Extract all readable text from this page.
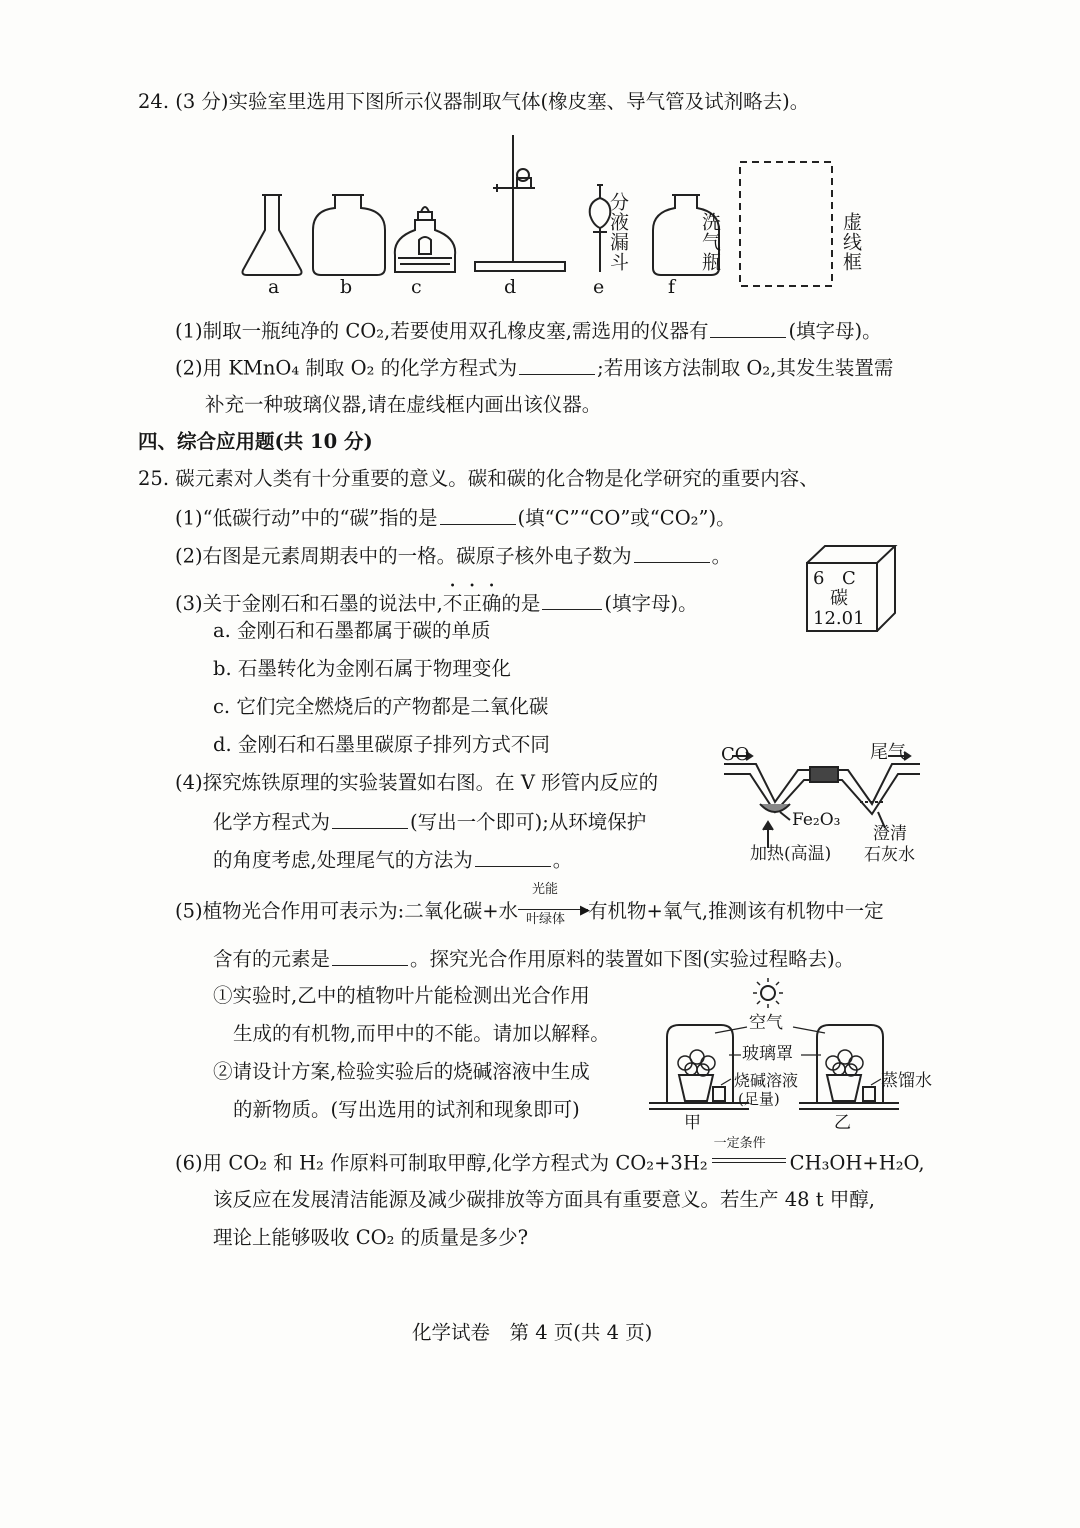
24. (3 分)实验室里选用下图所示仪器制取气体(橡皮塞、导气管及试剂略去)。
a	b	c	d	e	f
分液漏斗	洗气瓶	虚线框
(1)制取一瓶纯净的 CO₂,若要使用双孔橡皮塞,需选用的仪器有	(填字母)。
(2)用 KMnO₄ 制取 O₂ 的化学方程式为	;若用该方法制取 O₂,其发生装置需
补充一种玻璃仪器,请在虚线框内画出该仪器。
四、综合应用题(共 10 分)
25. 碳元素对人类有十分重要的意义。碳和碳的化合物是化学研究的重要内容、
(1)“低碳行动”中的“碳”指的是	(填“C”“CO”或“CO₂”)。
(2)右图是元素周期表中的一格。碳原子核外电子数为	。
(3)关于金刚石和石墨的说法中,不正确的是	(填字母)。
6 C
碳
12.01
a. 金刚石和石墨都属于碳的单质
b. 石墨转化为金刚石属于物理变化
c. 它们完全燃烧后的产物都是二氧化碳
d. 金刚石和石墨里碳原子排列方式不同
(4)探究炼铁原理的实验装置如右图。在 V 形管内反应的
化学方程式为	(写出一个即可);从环境保护
的角度考虑,处理尾气的方法为	。
CO	尾气
Fe₂O₃
加热(高温)
澄清
石灰水
(5)植物光合作用可表示为:二氧化碳+水
光能
▶
叶绿体 有机物+氧气,推测该有机物中一定
含有的元素是	。探究光合作用原料的装置如下图(实验过程略去)。
①实验时,乙中的植物叶片能检测出光合作用
生成的有机物,而甲中的不能。请加以解释。
②请设计方案,检验实验后的烧碱溶液中生成
的新物质。(写出选用的试剂和现象即可)
空气
玻璃罩
烧碱溶液
(足量)
蒸馏水
甲	乙
(6)用 CO₂ 和 H₂ 作原料可制取甲醇,化学方程式为 CO₂+3H₂
一定条件
CH₃OH+H₂O,
该反应在发展清洁能源及减少碳排放等方面具有重要意义。若生产 48 t 甲醇,
理论上能够吸收 CO₂ 的质量是多少?
化学试卷　第 4 页(共 4 页)
